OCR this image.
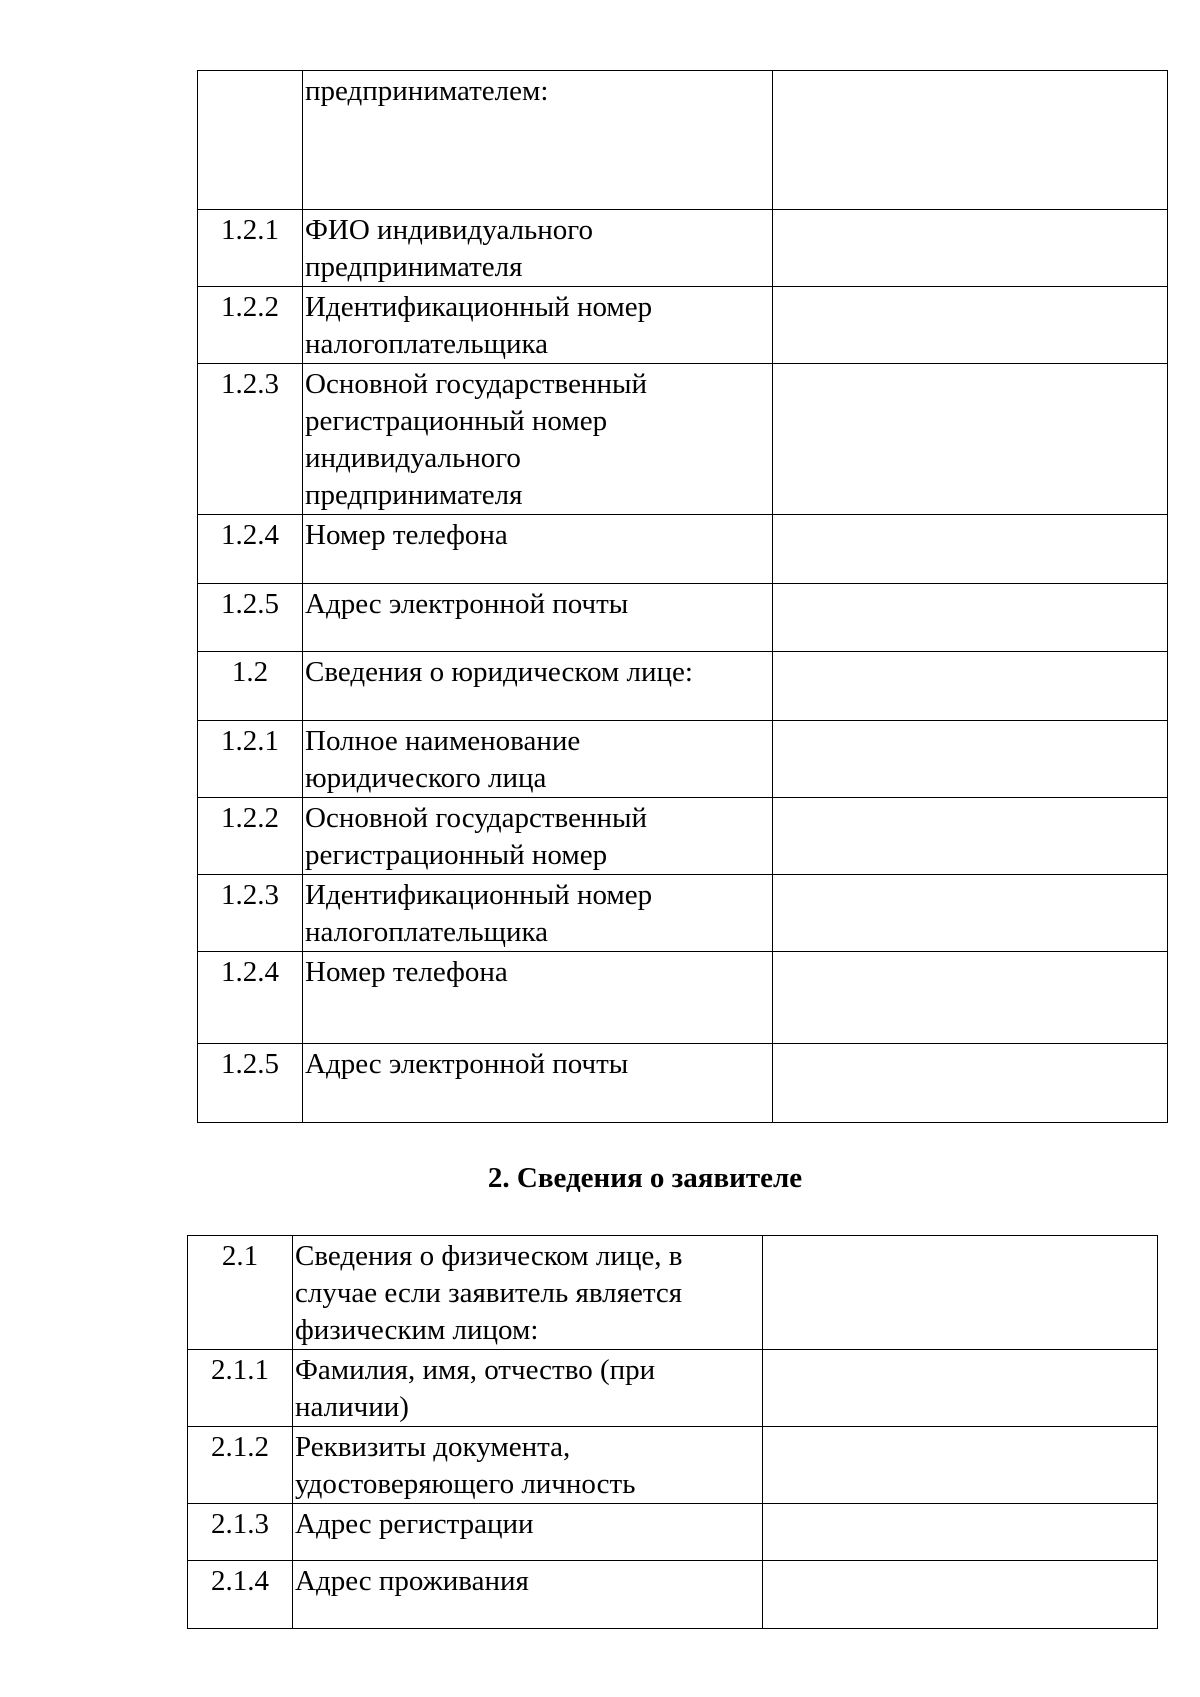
	предпринимателем:	
1.2.1	ФИО индивидуального
предпринимателя	
1.2.2	Идентификационный номер
налогоплательщика	
1.2.3	Основной государственный
регистрационный номер
индивидуального
предпринимателя	
1.2.4	Номер телефона	
1.2.5	Адрес электронной почты	
1.2	Сведения о юридическом лице:	
1.2.1	Полное наименование
юридического лица	
1.2.2	Основной государственный
регистрационный номер	
1.2.3	Идентификационный номер
налогоплательщика	
1.2.4	Номер телефона	
1.2.5	Адрес электронной почты	
2. Сведения о заявителе
2.1	Сведения о физическом лице, в
случае если заявитель является
физическим лицом:	
2.1.1	Фамилия, имя, отчество (при
наличии)	
2.1.2	Реквизиты документа,
удостоверяющего личность	
2.1.3	Адрес регистрации	
2.1.4	Адрес проживания	
